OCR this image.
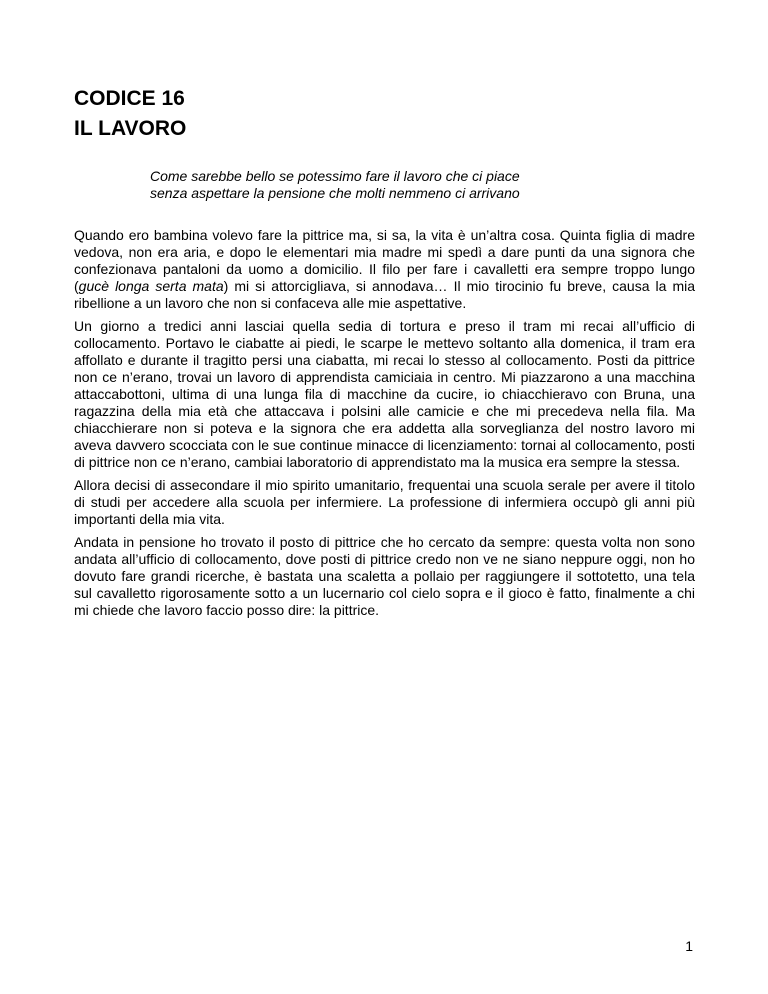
CODICE 16
IL LAVORO
Come sarebbe bello se potessimo fare il lavoro che ci piace
senza aspettare la pensione che molti nemmeno ci arrivano

Quando ero bambina volevo fare la pittrice ma, si sa, la vita è un’altra cosa. Quinta figlia di madre vedova, non era aria, e dopo le elementari mia madre mi spedì a dare punti da una signora che confezionava pantaloni da uomo a domicilio. Il filo per fare i cavalletti era sempre troppo lungo (gucè longa serta mata) mi si attorcigliava, si annodava… Il mio tirocinio fu breve, causa la mia ribellione a un lavoro che non si confaceva alle mie aspettative.

Un giorno a tredici anni lasciai quella sedia di tortura e preso il tram mi recai all’ufficio di collocamento. Portavo le ciabatte ai piedi, le scarpe le mettevo soltanto alla domenica, il tram era affollato e durante il tragitto persi una ciabatta, mi recai lo stesso al collocamento. Posti da pittrice non ce n’erano, trovai un lavoro di apprendista camiciaia in centro. Mi piazzarono a una macchina attaccabottoni, ultima di una lunga fila di macchine da cucire, io chiacchieravo con Bruna, una ragazzina della mia età che attaccava i polsini alle camicie e che mi precedeva nella fila. Ma chiacchierare non si poteva e la signora che era addetta alla sorveglianza del nostro lavoro mi aveva davvero scocciata con le sue continue minacce di licenziamento: tornai al collocamento, posti di pittrice non ce n’erano, cambiai laboratorio di apprendistato ma la musica era sempre la stessa.

Allora decisi di assecondare il mio spirito umanitario, frequentai una scuola serale per avere il titolo di studi per accedere alla scuola per infermiere. La professione di infermiera occupò gli anni più importanti della mia vita.

Andata in pensione ho trovato il posto di pittrice che ho cercato da sempre: questa volta non sono andata all’ufficio di collocamento, dove posti di pittrice credo non ve ne siano neppure oggi, non ho dovuto fare grandi ricerche, è bastata una scaletta a pollaio per raggiungere il sottotetto, una tela sul cavalletto rigorosamente sotto a un lucernario col cielo sopra e il gioco è fatto, finalmente a chi mi chiede che lavoro faccio posso dire: la pittrice.

1
